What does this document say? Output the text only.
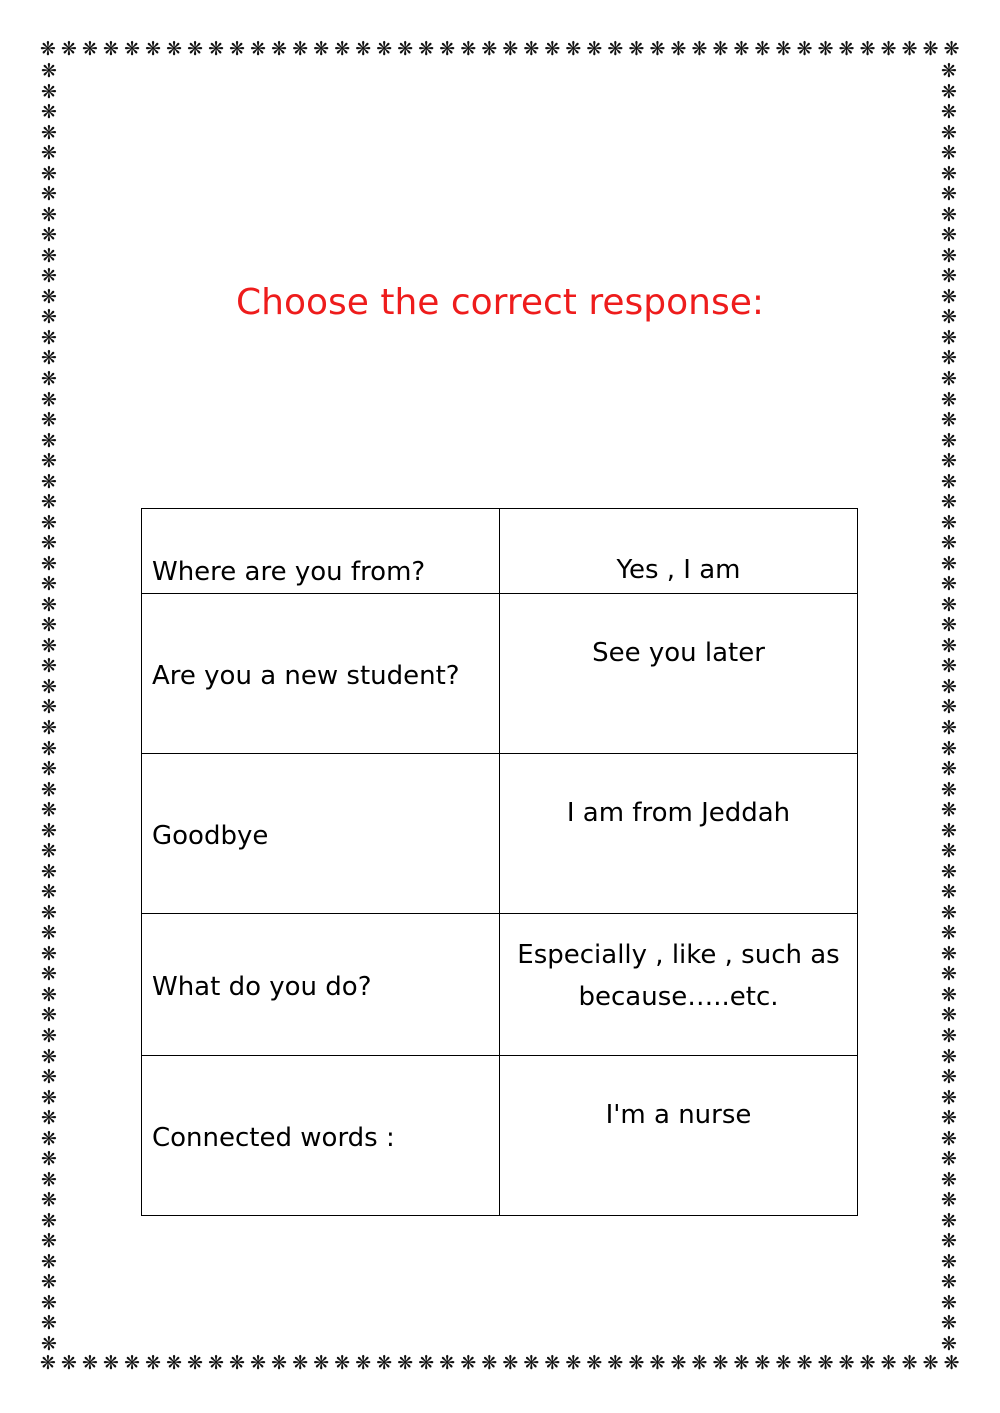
❋ ❋ ❋ ❋ ❋ ❋ ❋ ❋ ❋ ❋ ❋ ❋ ❋ ❋ ❋ ❋ ❋ ❋ ❋ ❋ ❋ ❋ ❋ ❋ ❋ ❋ ❋ ❋ ❋ ❋ ❋ ❋ ❋ ❋ ❋ ❋ ❋ ❋ ❋ ❋ ❋ ❋ ❋ ❋
❋ ❋ ❋ ❋ ❋ ❋ ❋ ❋ ❋ ❋ ❋ ❋ ❋ ❋ ❋ ❋ ❋ ❋ ❋ ❋ ❋ ❋ ❋ ❋ ❋ ❋ ❋ ❋ ❋ ❋ ❋ ❋ ❋ ❋ ❋ ❋ ❋ ❋ ❋ ❋ ❋ ❋ ❋ ❋
❋
❋
❋
❋
❋
❋
❋
❋
❋
❋
❋
❋
❋
❋
❋
❋
❋
❋
❋
❋
❋
❋
❋
❋
❋
❋
❋
❋
❋
❋
❋
❋
❋
❋
❋
❋
❋
❋
❋
❋
❋
❋
❋
❋
❋
❋
❋
❋
❋
❋
❋
❋
❋
❋
❋
❋
❋
❋
❋
❋
❋
❋
❋
❋
❋
❋
❋
❋
❋
❋
❋
❋
❋
❋
❋
❋
❋
❋
❋
❋
❋
❋
❋
❋
❋
❋
❋
❋
❋
❋
❋
❋
❋
❋
❋
❋
❋
❋
❋
❋
❋
❋
❋
❋
❋
❋
❋
❋
❋
❋
❋
❋
❋
❋
❋
❋
❋
❋
❋
❋
❋
❋
❋
❋
❋
❋
Choose the correct response:
Where are you from?	Yes , I am
Are you a new student?	See you later
Goodbye	I am from Jeddah
What do you do?	Especially , like , such as because…..etc.
Connected words :	I'm a nurse
